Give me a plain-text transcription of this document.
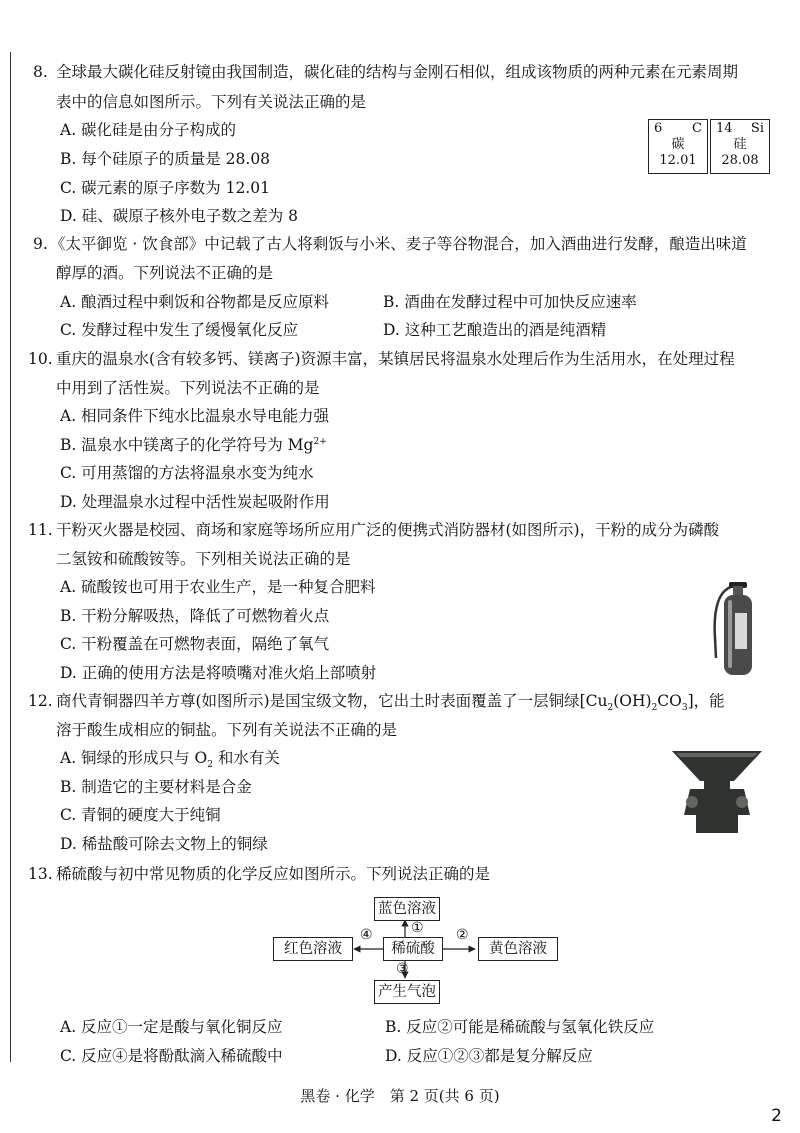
8. 全球最大碳化硅反射镜由我国制造，碳化硅的结构与金刚石相似，组成该物质的两种元素在元素周期
表中的信息如图所示。下列有关说法正确的是
A. 碳化硅是由分子构成的
B. 每个硅原子的质量是 28.08
C. 碳元素的原子序数为 12.01
D. 硅、碳原子核外电子数之差为 8
6 C
碳
12.01
14 Si
硅
28.08
9. 《太平御览 · 饮食部》中记载了古人将剩饭与小米、麦子等谷物混合，加入酒曲进行发酵，酿造出味道
醇厚的酒。下列说法不正确的是
A. 酿酒过程中剩饭和谷物都是反应原料	B. 酒曲在发酵过程中可加快反应速率
C. 发酵过程中发生了缓慢氧化反应	D. 这种工艺酿造出的酒是纯酒精
10. 重庆的温泉水(含有较多钙、镁离子)资源丰富，某镇居民将温泉水处理后作为生活用水，在处理过程
中用到了活性炭。下列说法不正确的是
A. 相同条件下纯水比温泉水导电能力强
B. 温泉水中镁离子的化学符号为 $Mg^{2+}$
C. 可用蒸馏的方法将温泉水变为纯水
D. 处理温泉水过程中活性炭起吸附作用
11. 干粉灭火器是校园、商场和家庭等场所应用广泛的便携式消防器材(如图所示)，干粉的成分为磷酸
二氢铵和硫酸铵等。下列相关说法正确的是
A. 硫酸铵也可用于农业生产，是一种复合肥料
B. 干粉分解吸热，降低了可燃物着火点
C. 干粉覆盖在可燃物表面，隔绝了氧气
D. 正确的使用方法是将喷嘴对准火焰上部喷射
12. 商代青铜器四羊方尊(如图所示)是国宝级文物，它出土时表面覆盖了一层铜绿$[Cu_2(OH)_2CO_3]$，能
溶于酸生成相应的铜盐。下列有关说法不正确的是
A. 铜绿的形成只与 $O_2$ 和水有关
B. 制造它的主要材料是合金
C. 青铜的硬度大于纯铜
D. 稀盐酸可除去文物上的铜绿
13. 稀硫酸与初中常见物质的化学反应如图所示。下列说法正确的是
蓝色溶液
红色溶液	稀硫酸	黄色溶液
产生气泡
① ②
③
④
A. 反应①一定是酸与氧化铜反应	B. 反应②可能是稀硫酸与氢氧化铁反应
C. 反应④是将酚酞滴入稀硫酸中	D. 反应①②③都是复分解反应
黑卷 · 化学　第 2 页(共 6 页)
2
